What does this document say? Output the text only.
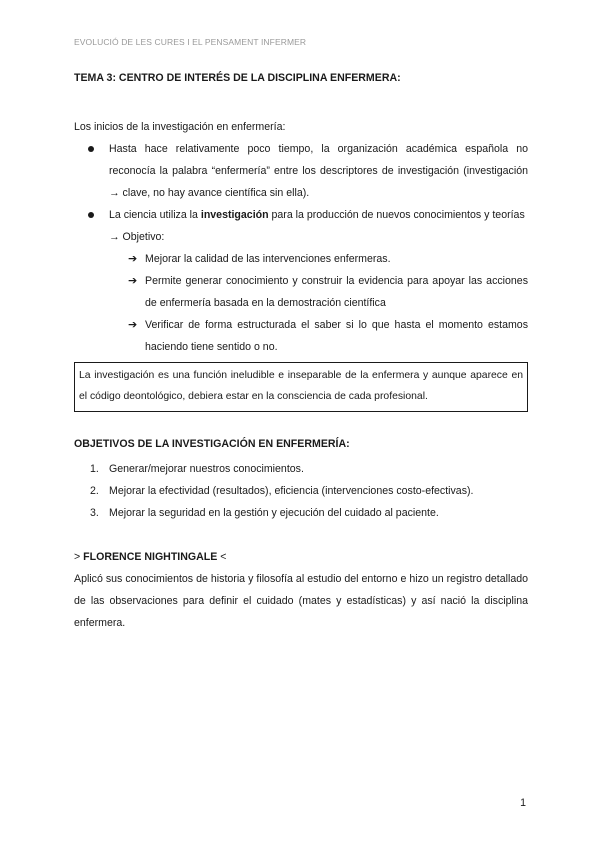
EVOLUCIÓ DE LES CURES I EL PENSAMENT INFERMER

TEMA 3: CENTRO DE INTERÉS DE LA DISCIPLINA ENFERMERA:

Los inicios de la investigación en enfermería:

Hasta hace relativamente poco tiempo, la organización académica española no reconocía la palabra “enfermería” entre los descriptores de investigación (investigación → clave, no hay avance científica sin ella).
La ciencia utiliza la investigación para la producción de nuevos conocimientos y teorías
→ Objetivo:
➔ Mejorar la calidad de las intervenciones enfermeras.
➔ Permite generar conocimiento y construir la evidencia para apoyar las acciones de enfermería basada en la demostración científica
➔ Verificar de forma estructurada el saber si lo que hasta el momento estamos haciendo tiene sentido o no.
La investigación es una función ineludible e inseparable de la enfermera y aunque aparece en el código deontológico, debiera estar en la consciencia de cada profesional.

OBJETIVOS DE LA INVESTIGACIÓN EN ENFERMERÍA:

1. Generar/mejorar nuestros conocimientos.
2. Mejorar la efectividad (resultados), eficiencia (intervenciones costo-efectivas).
3. Mejorar la seguridad en la gestión y ejecución del cuidado al paciente.

> FLORENCE NIGHTINGALE <

Aplicó sus conocimientos de historia y filosofía al estudio del entorno e hizo un registro detallado de las observaciones para definir el cuidado (mates y estadísticas) y así nació la disciplina enfermera.

1
